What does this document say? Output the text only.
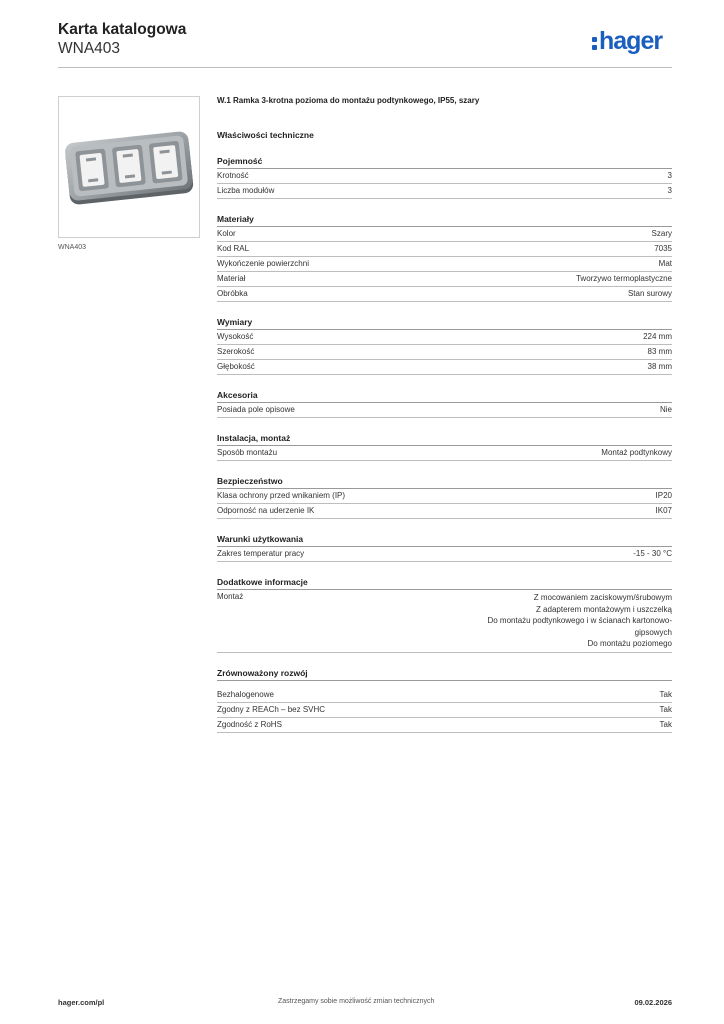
Karta katalogowa
WNA403	hager
WNA403
W.1 Ramka 3-krotna pozioma do montażu podtynkowego, IP55, szary
Właściwości techniczne
Pojemność
Krotność	3
Liczba modułów	3
Materiały
Kolor	Szary
Kod RAL	7035
Wykończenie powierzchni	Mat
Materiał	Tworzywo termoplastyczne
Obróbka	Stan surowy
Wymiary
Wysokość	224 mm
Szerokość	83 mm
Głębokość	38 mm
Akcesoria
Posiada pole opisowe	Nie
Instalacja, montaż
Sposób montażu	Montaż podtynkowy
Bezpieczeństwo
Klasa ochrony przed wnikaniem (IP)	IP20
Odporność na uderzenie IK	IK07
Warunki użytkowania
Zakres temperatur pracy	-15 - 30 °C
Dodatkowe informacje
Montaż	Z mocowaniem zaciskowym/śrubowym
Z adapterem montażowym i uszczelką
Do montażu podtynkowego i w ścianach kartonowo-
gipsowych
Do montażu poziomego
Zrównoważony rozwój
Bezhalogenowe	Tak
Zgodny z REACh – bez SVHC	Tak
Zgodność z RoHS	Tak
hager.com/pl	Zastrzegamy sobie możliwość zmian technicznych	09.02.2026
